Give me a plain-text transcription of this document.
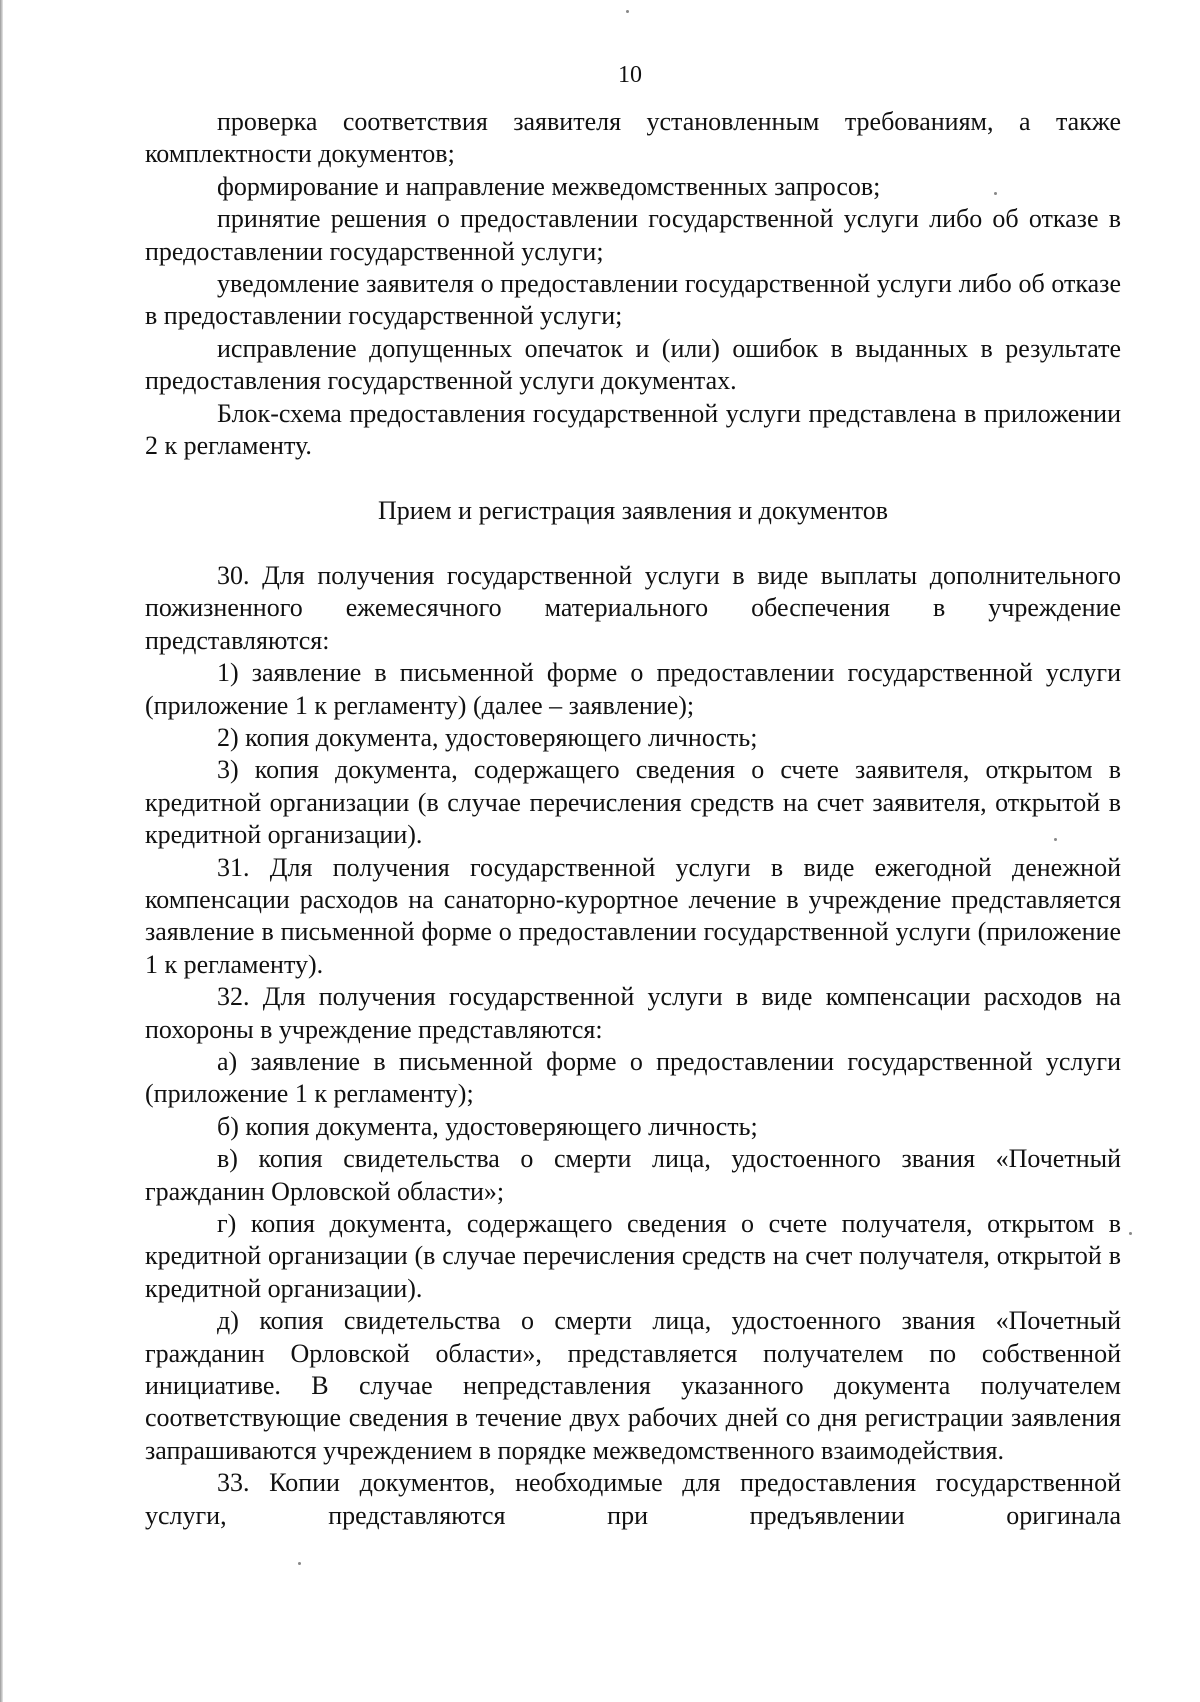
10

проверка соответствия заявителя установленным требованиям, а также комплектности документов;

формирование и направление межведомственных запросов;

принятие решения о предоставлении государственной услуги либо об отказе в предоставлении государственной услуги;

уведомление заявителя о предоставлении государственной услуги либо об отказе в предоставлении государственной услуги;

исправление допущенных опечаток и (или) ошибок в выданных в результате предоставления государственной услуги документах.

Блок-схема предоставления государственной услуги представлена в приложении 2 к регламенту.

Прием и регистрация заявления и документов

30. Для получения государственной услуги в виде выплаты дополнительного пожизненного ежемесячного материального обеспечения в учреждение представляются:

1) заявление в письменной форме о предоставлении государственной услуги (приложение 1 к регламенту) (далее – заявление);

2) копия документа, удостоверяющего личность;

3) копия документа, содержащего сведения о счете заявителя, открытом в кредитной организации (в случае перечисления средств на счет заявителя, открытой в кредитной организации).

31. Для получения государственной услуги в виде ежегодной денежной компенсации расходов на санаторно-курортное лечение в учреждение представляется заявление в письменной форме о предоставлении государственной услуги (приложение 1 к регламенту).

32. Для получения государственной услуги в виде компенсации расходов на похороны в учреждение представляются:

а) заявление в письменной форме о предоставлении государственной услуги (приложение 1 к регламенту);

б) копия документа, удостоверяющего личность;

в) копия свидетельства о смерти лица, удостоенного звания «Почетный гражданин Орловской области»;

г) копия документа, содержащего сведения о счете получателя, открытом в кредитной организации (в случае перечисления средств на счет получателя, открытой в кредитной организации).

д) копия свидетельства о смерти лица, удостоенного звания «Почетный гражданин Орловской области», представляется получателем по собственной инициативе. В случае непредставления указанного документа получателем соответствующие сведения в течение двух рабочих дней со дня регистрации заявления запрашиваются учреждением в порядке межведомственного взаимодействия.

33. Копии документов, необходимые для предоставления государственной услуги, представляются при предъявлении оригинала
